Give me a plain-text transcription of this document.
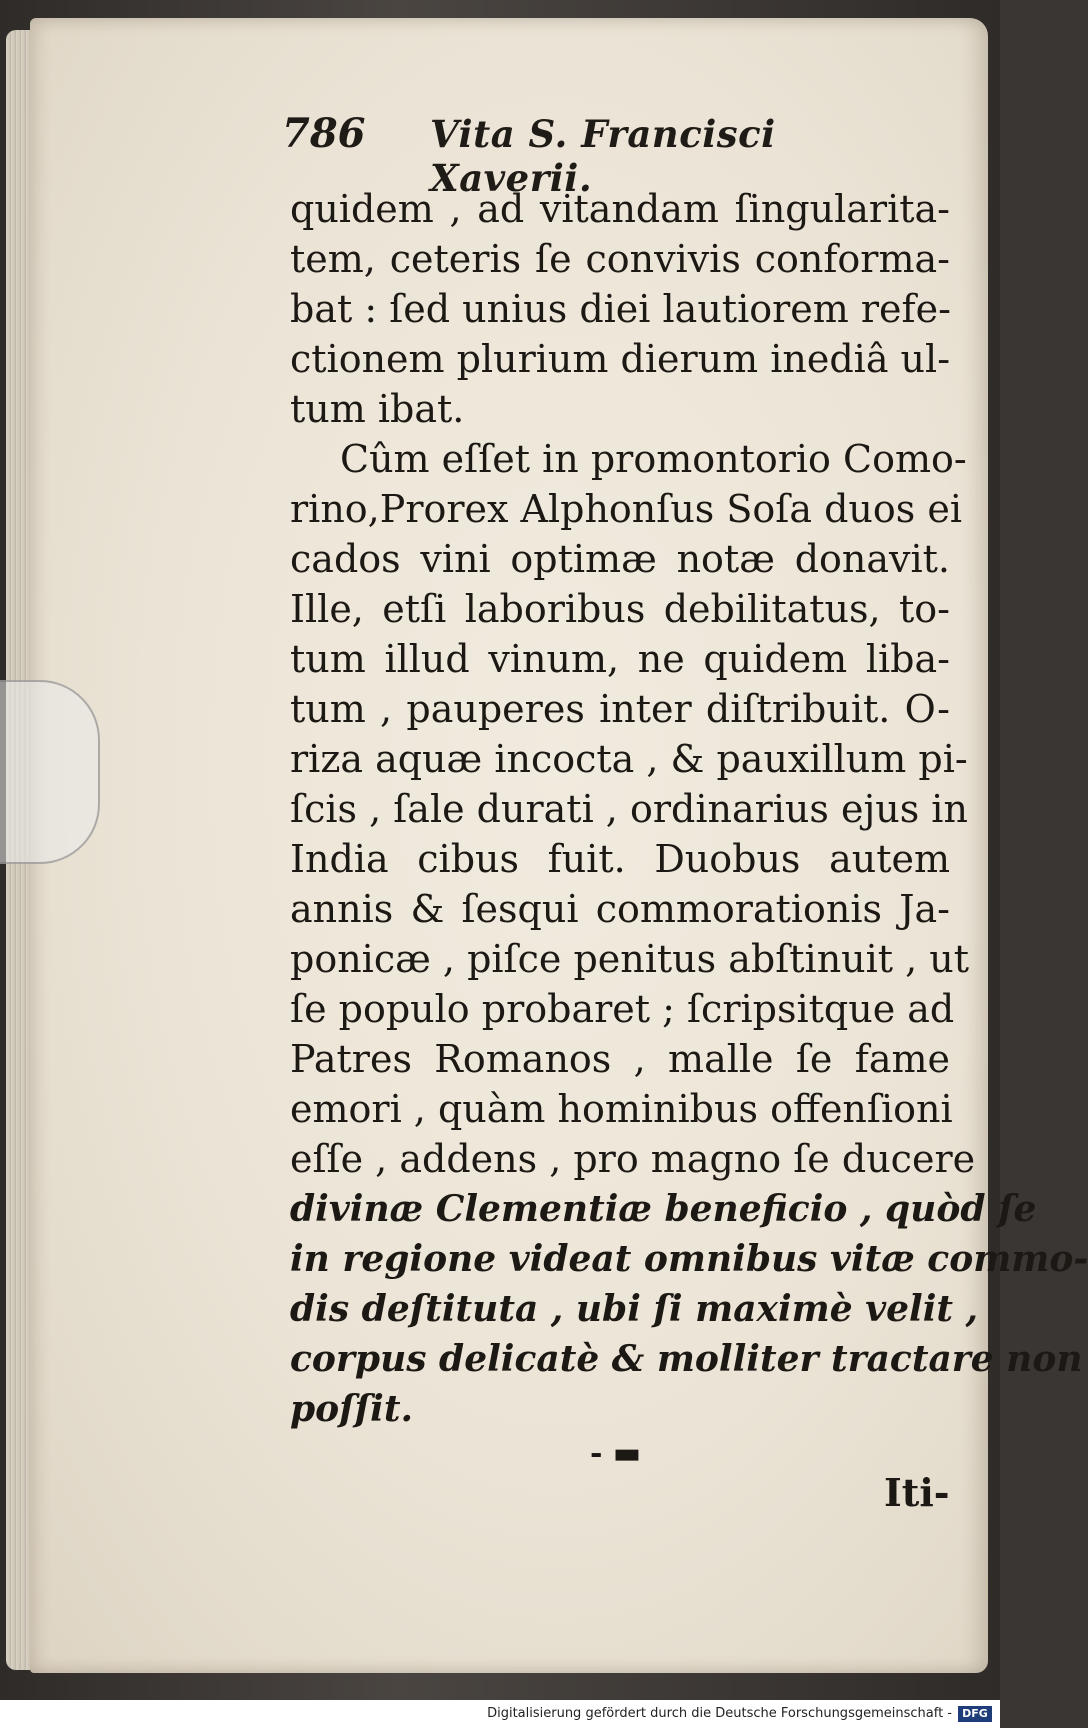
786 Vita S. Francisci Xaverii.
quidem , ad vitandam ſingularita-
tem, ceteris ſe convivis conforma-
bat : ſed unius diei lautiorem refe-
ctionem plurium dierum inediâ ul-
tum ibat.
Cûm eſſet in promontorio Como-
rino,Prorex Alphonſus Soſa duos ei
cados vini optimæ notæ donavit.
Ille, etſi laboribus debilitatus, to-
tum illud vinum, ne quidem liba-
tum , pauperes inter diſtribuit. O-
riza aquæ incocta , & pauxillum pi-
ſcis , ſale durati , ordinarius ejus in
India cibus fuit. Duobus autem
annis & ſesqui commorationis Ja-
ponicæ , piſce penitus abſtinuit , ut
ſe populo probaret ; ſcripsitque ad
Patres Romanos , malle ſe fame
emori , quàm hominibus offenſioni
eſſe , addens , pro magno ſe ducere
divinæ Clementiæ beneficio , quòd ſe
in regione videat omnibus vitæ commo-
dis deſtituta , ubi ſi maximè velit ,
corpus delicatè & molliter tractare non
poſſit.
- ▬
Iti-
Digitalisierung gefördert durch die Deutsche Forschungsgemeinschaft - DFG
